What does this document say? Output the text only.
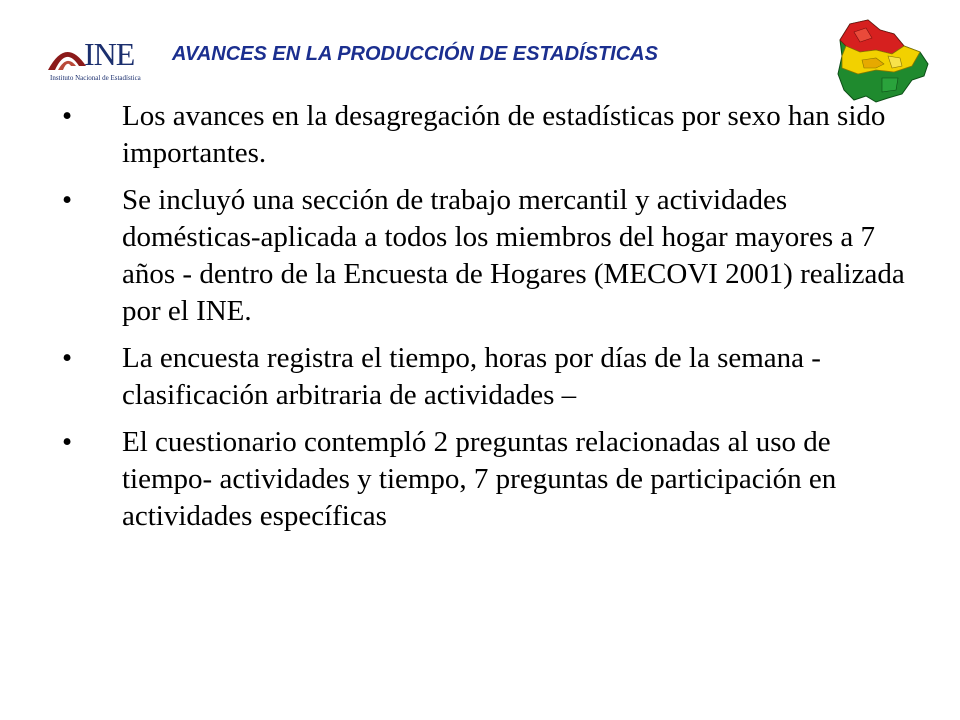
INE
Instituto Nacional de Estadística
AVANCES EN LA PRODUCCIÓN DE ESTADÍSTICAS
• Los avances en la desagregación de estadísticas por sexo han sido importantes.
• Se incluyó una sección de trabajo mercantil y actividades domésticas-aplicada a todos los miembros del hogar mayores a 7 años - dentro de la Encuesta de Hogares (MECOVI 2001) realizada por el INE.
• La encuesta registra el tiempo, horas por días de la semana -clasificación arbitraria de actividades –
• El cuestionario contempló 2 preguntas relacionadas al uso de tiempo- actividades y tiempo, 7 preguntas de participación en actividades específicas
